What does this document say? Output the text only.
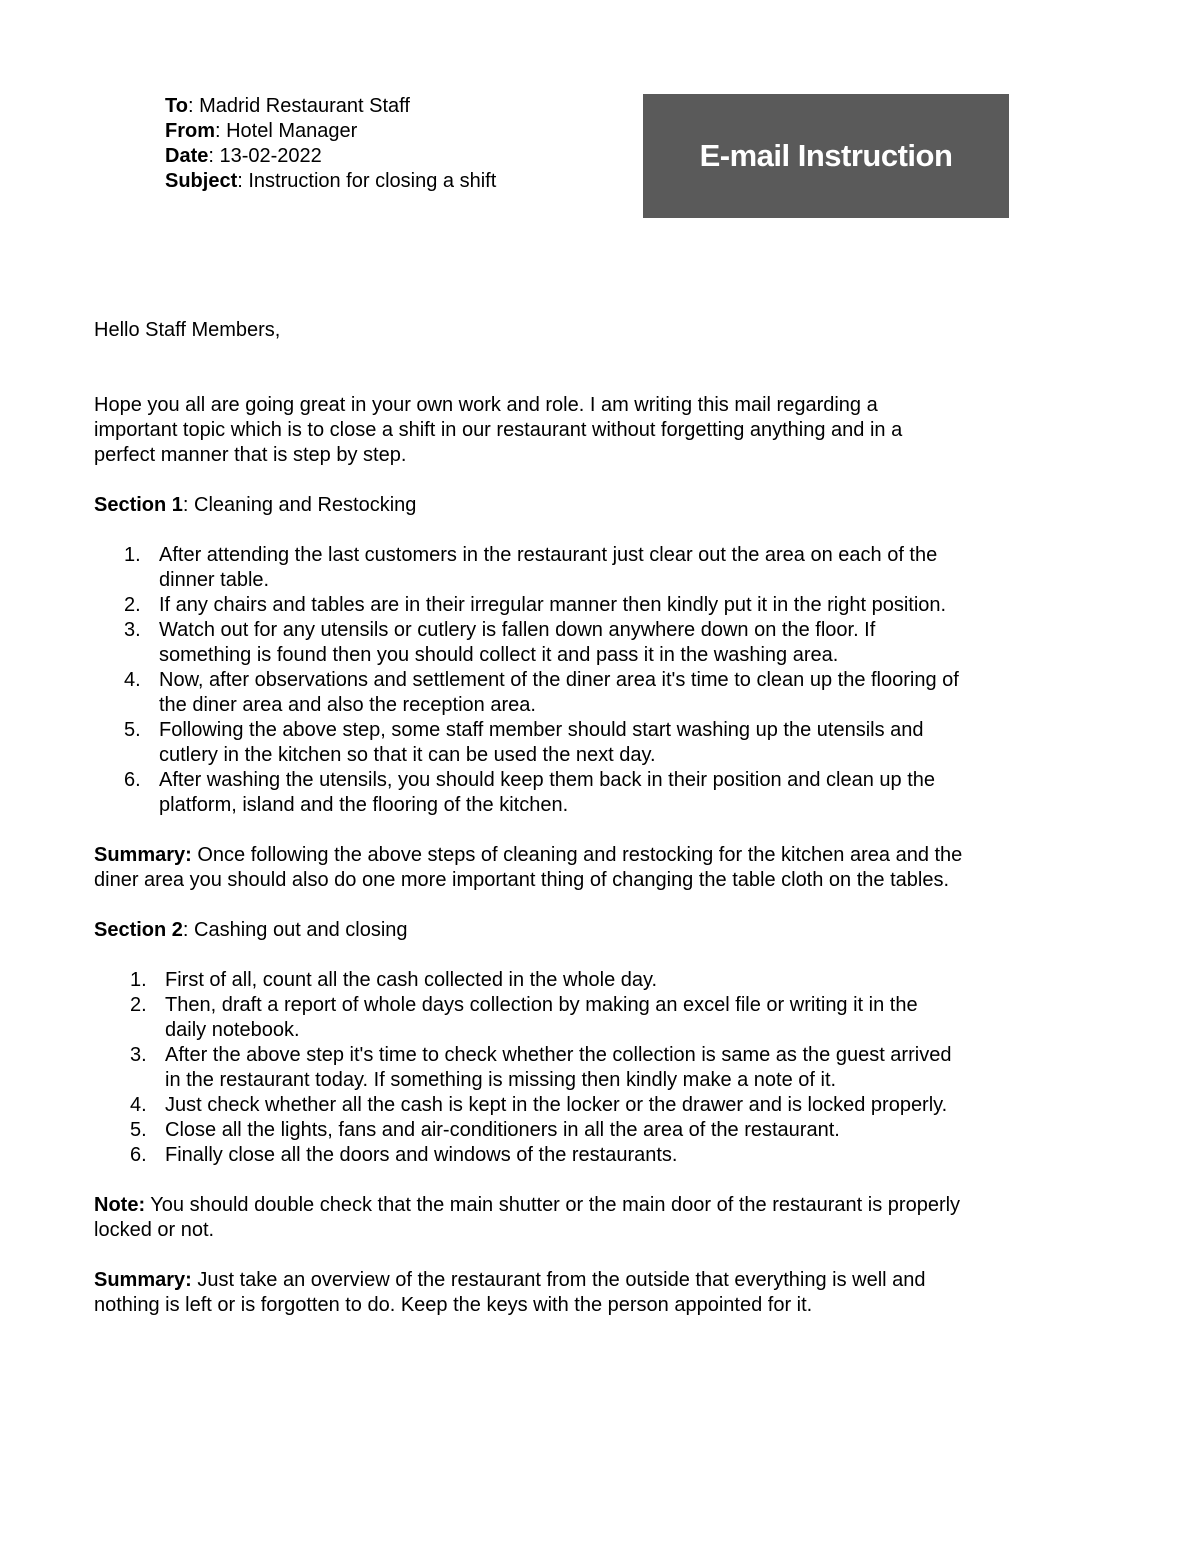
To: Madrid Restaurant Staff
From: Hotel Manager
Date: 13-02-2022
Subject: Instruction for closing a shift
E-mail Instruction

Hello Staff Members,

Hope you all are going great in your own work and role. I am writing this mail regarding a important topic which is to close a shift in our restaurant without forgetting anything and in a perfect manner that is step by step.

Section 1: Cleaning and Restocking

1. After attending the last customers in the restaurant just clear out the area on each of the dinner table.
2. If any chairs and tables are in their irregular manner then kindly put it in the right position.
3. Watch out for any utensils or cutlery is fallen down anywhere down on the floor. If something is found then you should collect it and pass it in the washing area.
4. Now, after observations and settlement of the diner area it's time to clean up the flooring of the diner area and also the reception area.
5. Following the above step, some staff member should start washing up the utensils and cutlery in the kitchen so that it can be used the next day.
6. After washing the utensils, you should keep them back in their position and clean up the platform, island and the flooring of the kitchen.

Summary: Once following the above steps of cleaning and restocking for the kitchen area and the diner area you should also do one more important thing of changing the table cloth on the tables.

Section 2: Cashing out and closing

1. First of all, count all the cash collected in the whole day.
2. Then, draft a report of whole days collection by making an excel file or writing it in the daily notebook.
3. After the above step it's time to check whether the collection is same as the guest arrived in the restaurant today. If something is missing then kindly make a note of it.
4. Just check whether all the cash is kept in the locker or the drawer and is locked properly.
5. Close all the lights, fans and air-conditioners in all the area of the restaurant.
6. Finally close all the doors and windows of the restaurants.

Note: You should double check that the main shutter or the main door of the restaurant is properly locked or not.

Summary: Just take an overview of the restaurant from the outside that everything is well and nothing is left or is forgotten to do. Keep the keys with the person appointed for it.
